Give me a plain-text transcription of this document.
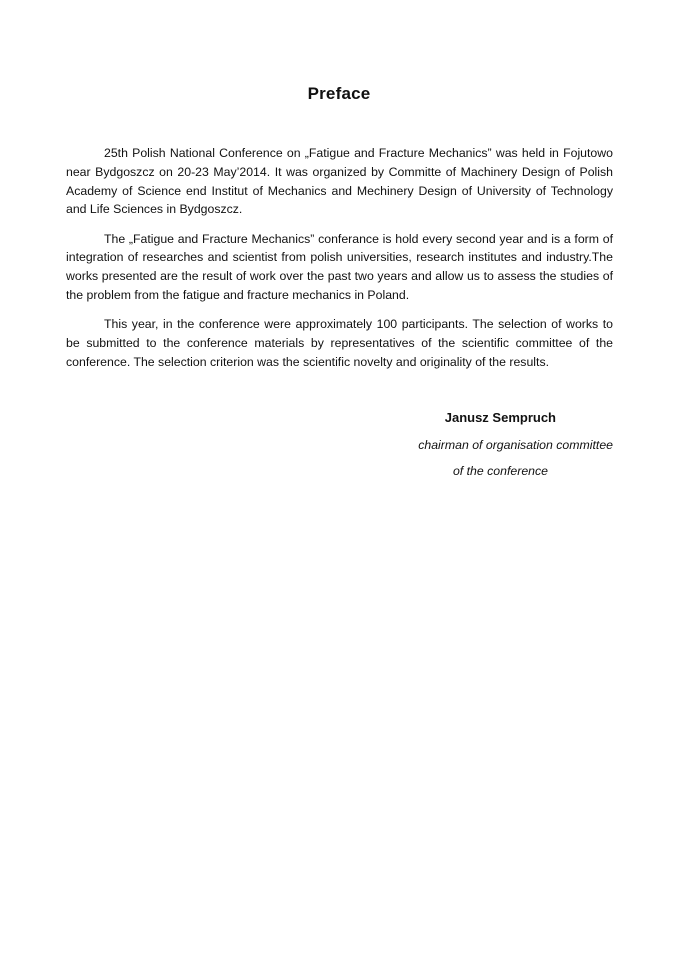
Preface

25th Polish National Conference on „Fatigue and Fracture Mechanics” was held in Fojutowo near Bydgoszcz on 20-23 May’2014. It was organized by Committe of Machinery Design of Polish Academy of Science end Institut of Mechanics and Mechinery Design of University of Technology and Life Sciences in Bydgoszcz.

The „Fatigue and Fracture Mechanics” conferance is hold every second year and is a form of integration of researches and scientist from polish universities, research institutes and industry.The works presented are the result of work over the past two years and allow us to assess the studies of the problem from the fatigue and fracture mechanics in Poland.

This year, in the conference were approximately 100 participants. The selection of works to be submitted to the conference materials by representatives of the scientific committee of the conference. The selection criterion was the scientific novelty and originality of the results.

Janusz Sempruch
chairman of organisation committee
of the conference
